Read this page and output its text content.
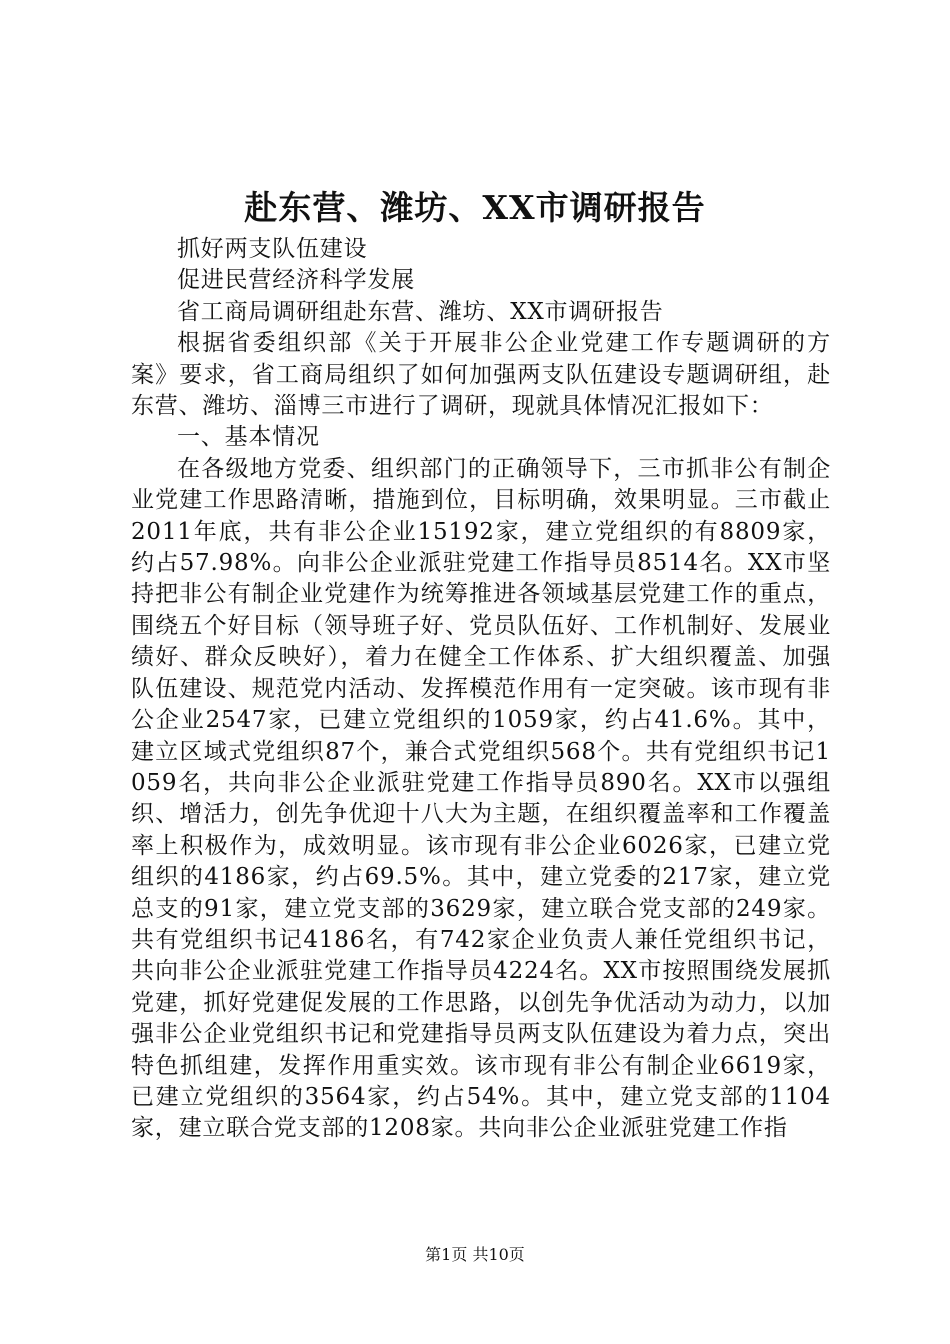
赴东营、潍坊、XX市调研报告

抓好两支队伍建设

促进民营经济科学发展

省工商局调研组赴东营、潍坊、XX市调研报告

根据省委组织部《关于开展非公企业党建工作专题调研的方案》要求，省工商局组织了如何加强两支队伍建设专题调研组，赴东营、潍坊、淄博三市进行了调研，现就具体情况汇报如下：

一、基本情况

在各级地方党委、组织部门的正确领导下，三市抓非公有制企业党建工作思路清晰，措施到位，目标明确，效果明显。三市截止2011年底，共有非公企业15192家，建立党组织的有8809家，约占57.98%。向非公企业派驻党建工作指导员8514名。XX市坚持把非公有制企业党建作为统筹推进各领域基层党建工作的重点，围绕五个好目标（领导班子好、党员队伍好、工作机制好、发展业绩好、群众反映好），着力在健全工作体系、扩大组织覆盖、加强队伍建设、规范党内活动、发挥模范作用有一定突破。该市现有非公企业2547家，已建立党组织的1059家，约占41.6%。其中，建立区域式党组织87个，兼合式党组织568个。共有党组织书记1059名，共向非公企业派驻党建工作指导员890名。XX市以强组织、增活力，创先争优迎十八大为主题，在组织覆盖率和工作覆盖率上积极作为，成效明显。该市现有非公企业6026家，已建立党组织的4186家，约占69.5%。其中，建立党委的217家，建立党总支的91家，建立党支部的3629家，建立联合党支部的249家。共有党组织书记4186名，有742家企业负责人兼任党组织书记，共向非公企业派驻党建工作指导员4224名。XX市按照围绕发展抓党建，抓好党建促发展的工作思路，以创先争优活动为动力，以加强非公企业党组织书记和党建指导员两支队伍建设为着力点，突出特色抓组建，发挥作用重实效。该市现有非公有制企业6619家，已建立党组织的3564家，约占54%。其中，建立党支部的1104家，建立联合党支部的1208家。共向非公企业派驻党建工作指

第1页 共10页
